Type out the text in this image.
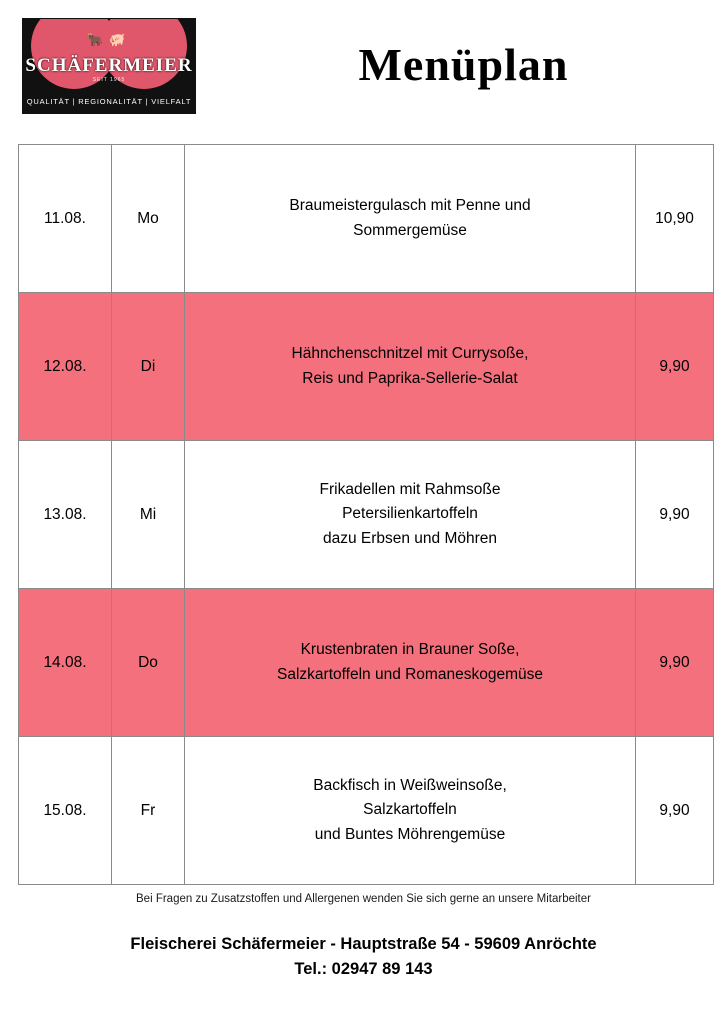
🐂🐖
SCHÄFERMEIER
SEIT 1965
QUALITÄT | REGIONALITÄT | VIELFALT
Menüplan
11.08.	Mo	Braumeistergulasch mit Penne und
Sommergemüse	10,90
12.08.	Di	Hähnchenschnitzel mit Currysoße,
Reis und Paprika-Sellerie-Salat	9,90
13.08.	Mi	Frikadellen mit Rahmsoße
Petersilienkartoffeln
dazu Erbsen und Möhren	9,90
14.08.	Do	Krustenbraten in Brauner Soße,
Salzkartoffeln und Romaneskogemüse	9,90
15.08.	Fr	Backfisch in Weißweinsoße,
Salzkartoffeln
und Buntes Möhrengemüse	9,90
Bei Fragen zu Zusatzstoffen und Allergenen wenden Sie sich gerne an unsere Mitarbeiter
Fleischerei Schäfermeier - Hauptstraße 54 - 59609 Anröchte
Tel.: 02947 89 143
